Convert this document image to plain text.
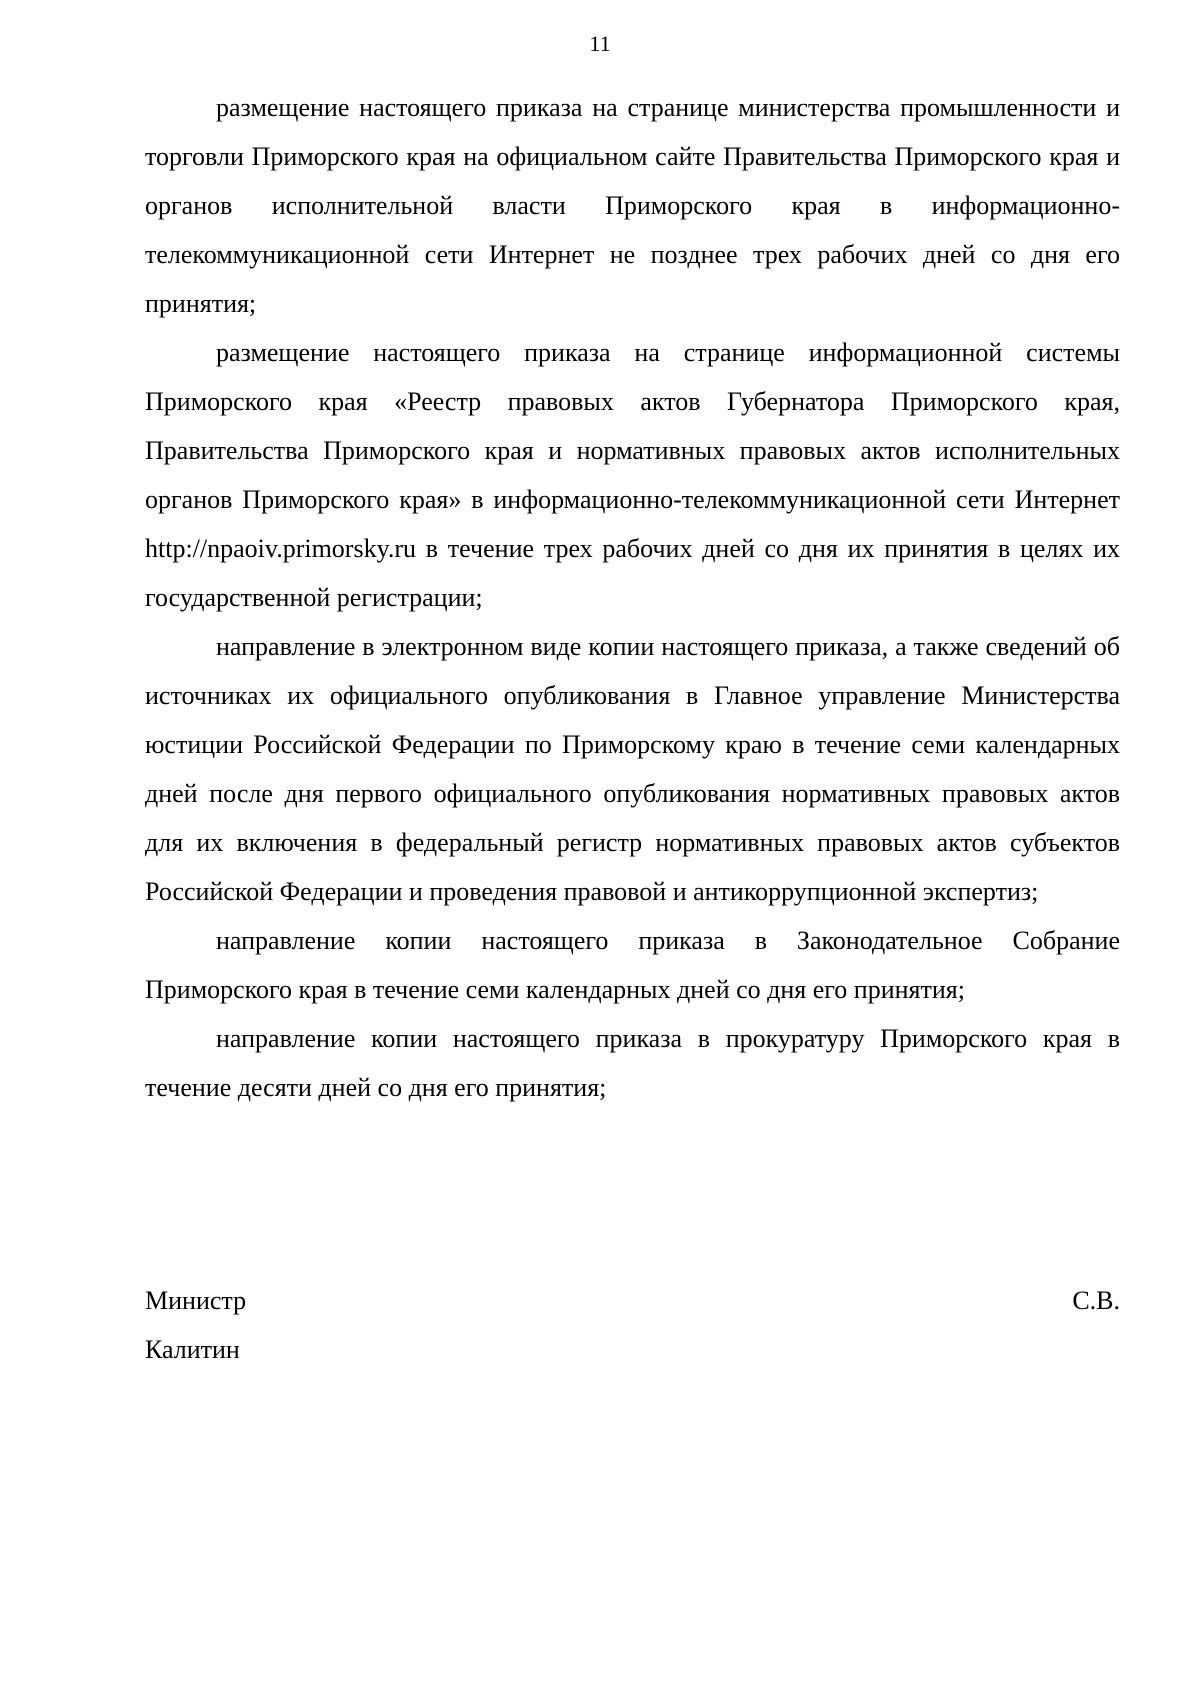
11

размещение настоящего приказа на странице министерства промышленности и торговли Приморского края на официальном сайте Правительства Приморского края и органов исполнительной власти Приморского края в информационно-телекоммуникационной сети Интернет не позднее трех рабочих дней со дня его принятия;

размещение настоящего приказа на странице информационной системы Приморского края «Реестр правовых актов Губернатора Приморского края, Правительства Приморского края и нормативных правовых актов исполнительных органов Приморского края» в информационно-телекоммуникационной сети Интернет http://npaoiv.primorsky.ru в течение трех рабочих дней со дня их принятия в целях их государственной регистрации;

направление в электронном виде копии настоящего приказа, а также сведений об источниках их официального опубликования в Главное управление Министерства юстиции Российской Федерации по Приморскому краю в течение семи календарных дней после дня первого официального опубликования нормативных правовых актов для их включения в федеральный регистр нормативных правовых актов субъектов Российской Федерации и проведения правовой и антикоррупционной экспертиз;

направление копии настоящего приказа в Законодательное Собрание Приморского края в течение семи календарных дней со дня его принятия;

направление копии настоящего приказа в прокуратуру Приморского края в течение десяти дней со дня его принятия;

Министр	С.В.
Калитин
